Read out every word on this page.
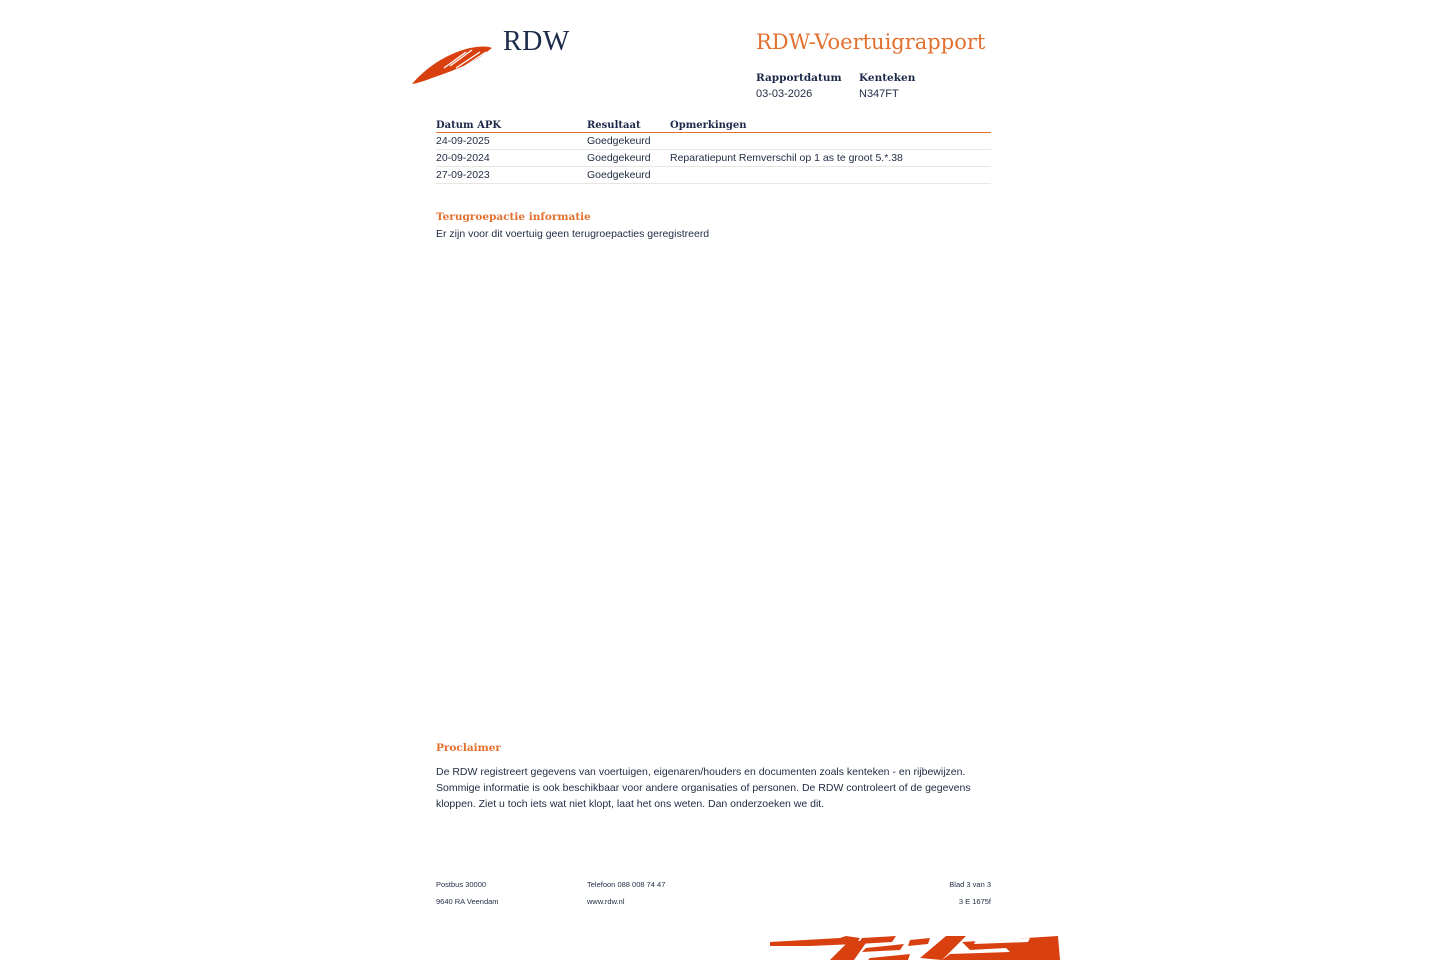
RDW	RDW-Voertuigrapport
Rapportdatum
03-03-2026
Kenteken
N347FT
Datum APK	Resultaat	Opmerkingen
24-09-2025	Goedgekeurd	
20-09-2024	Goedgekeurd	Reparatiepunt Remverschil op 1 as te groot 5.*.38
27-09-2023	Goedgekeurd	
Terugroepactie informatie
Er zijn voor dit voertuig geen terugroepacties geregistreerd
Proclaimer
De RDW registreert gegevens van voertuigen, eigenaren/houders en documenten zoals kenteken - en rijbewijzen.
Sommige informatie is ook beschikbaar voor andere organisaties of personen. De RDW controleert of de gegevens
kloppen. Ziet u toch iets wat niet klopt, laat het ons weten. Dan onderzoeken we dit.
Postbus 30000
9640 RA Veendam
Telefoon 088 008 74 47
www.rdw.nl
Blad 3 van 3
3 E 1675f
